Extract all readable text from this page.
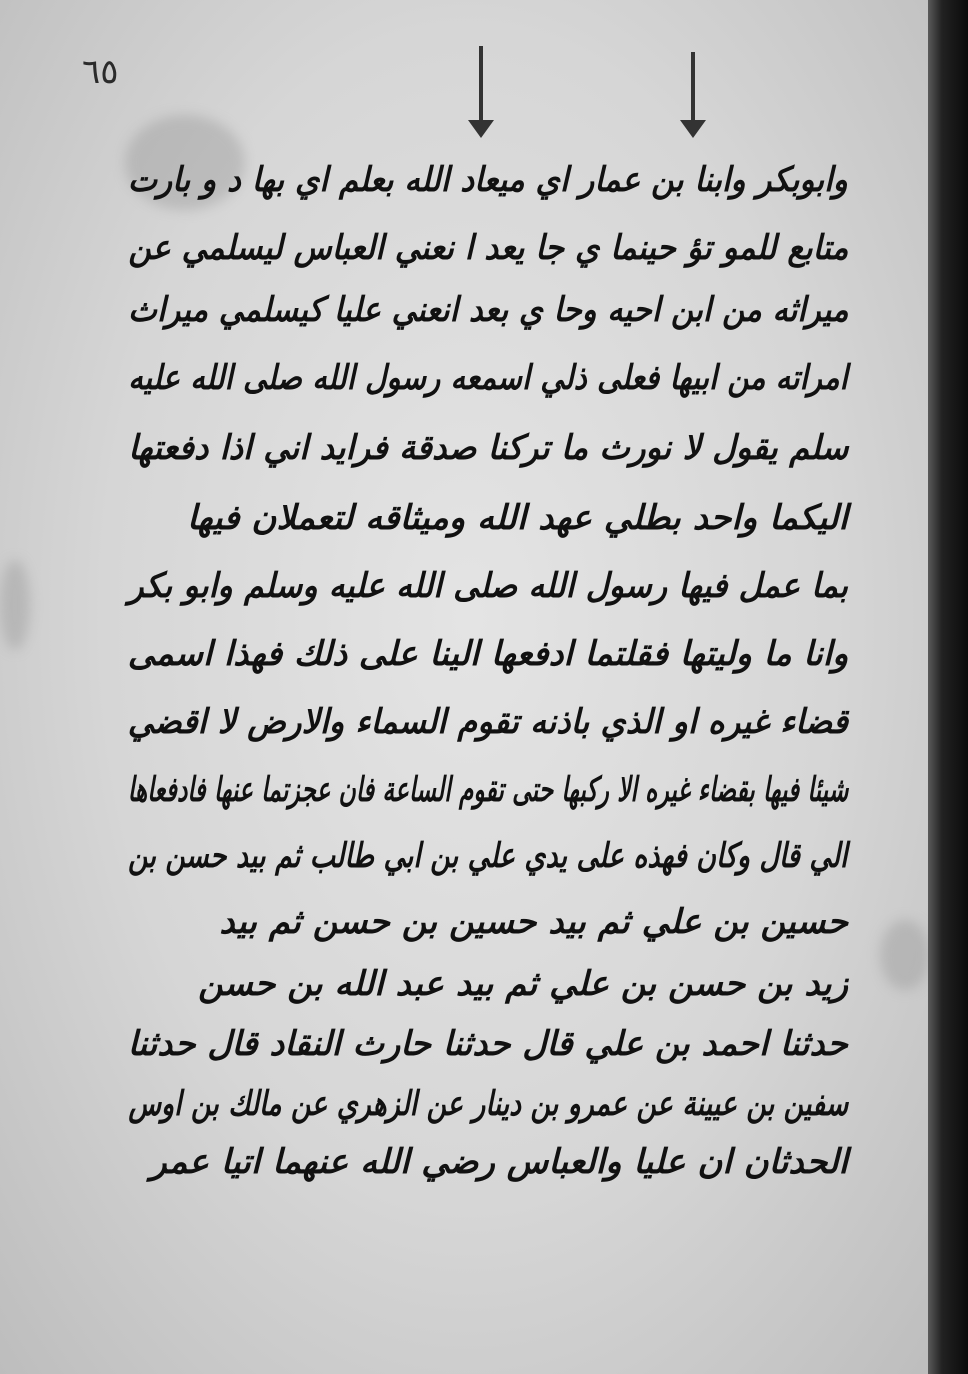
٦٥
وابوبكر وابنا بن عمار اي ميعاد الله بعلم اي بها د و بارت
متابع للمو تؤ حينما ي جا يعد ا نعني العباس ليسلمي عن
ميراثه من ابن احيه وحا ي بعد انعني عليا كيسلمي ميراث
امراته من ابيها فعلى ذلي اسمعه رسول الله صلى الله عليه
سلم يقول لا نورث ما تركنا صدقة فرايد اني اذا دفعتها
اليكما واحد بطلي عهد الله وميثاقه لتعملان فيها
بما عمل فيها رسول الله صلى الله عليه وسلم وابو بكر
وانا ما وليتها فقلتما ادفعها الينا على ذلك فهذا اسمى
قضاء غيره او الذي باذنه تقوم السماء والارض لا اقضي
شيئا فيها بقضاء غيره الا ركبها حتى تقوم الساعة فان عجزتما عنها فادفعاها
الي قال وكان فهذه على يدي علي بن ابي طالب ثم بيد حسن بن
حسين بن علي ثم بيد حسين بن حسن ثم بيد
زيد بن حسن بن علي ثم بيد عبد الله بن حسن
حدثنا احمد بن علي قال حدثنا حارث النقاد قال حدثنا
سفين بن عيينة عن عمرو بن دينار عن الزهري عن مالك بن اوس
الحدثان ان عليا والعباس رضي الله عنهما اتيا عمر
